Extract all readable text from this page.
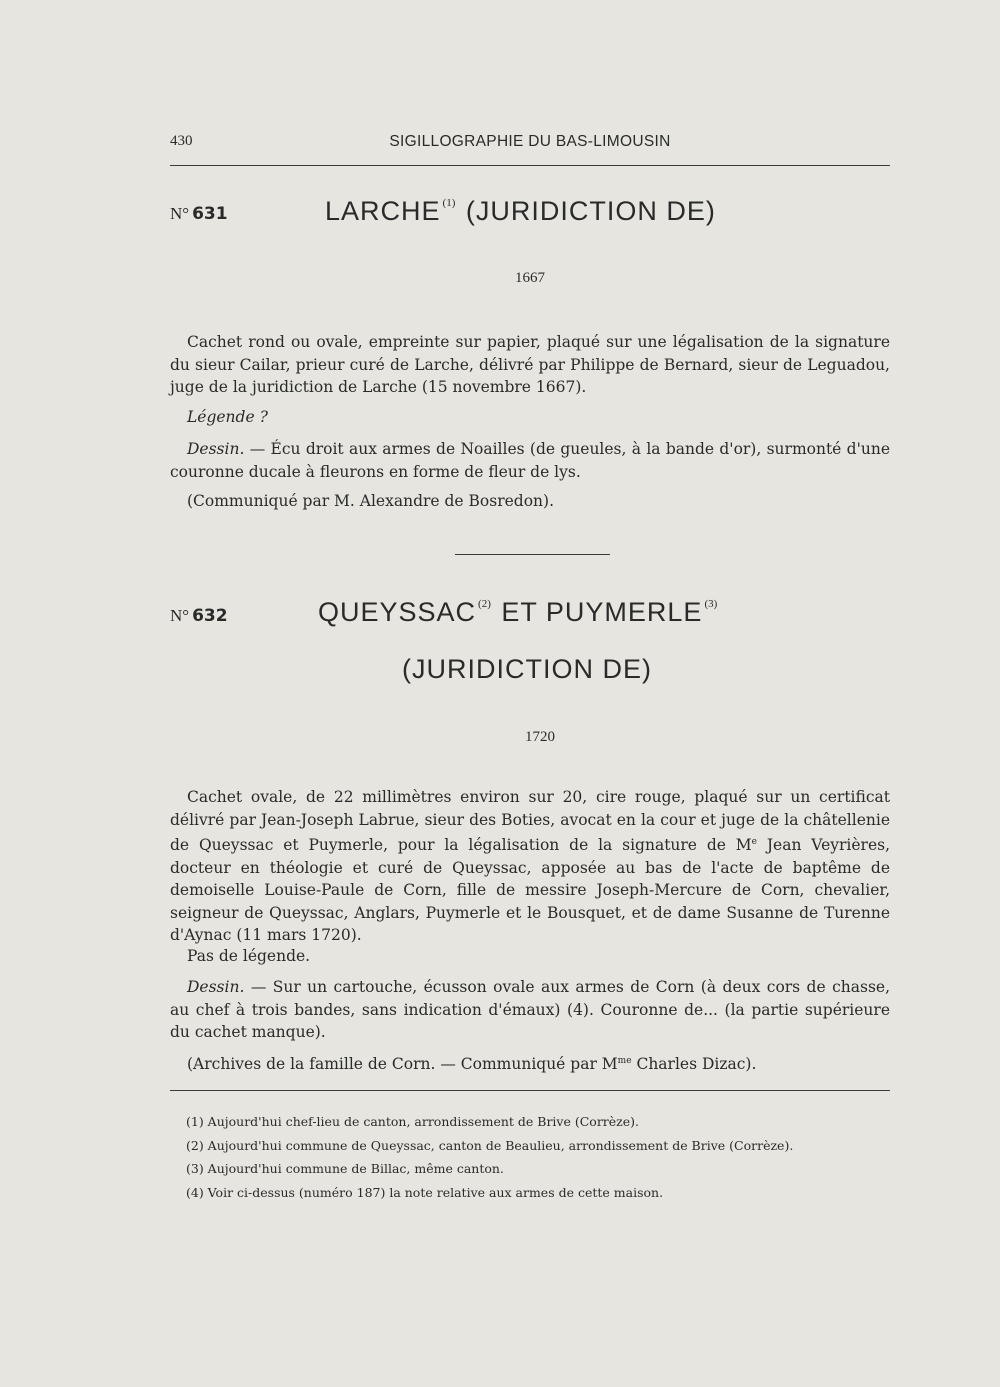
430	SIGILLOGRAPHIE DU BAS-LIMOUSIN
N° 631	LARCHE $^{(1)}$ (JURIDICTION DE)
1667
Cachet rond ou ovale, empreinte sur papier, plaqué sur une légalisation de la signature du sieur Cailar, prieur curé de Larche, délivré par Philippe de Bernard, sieur de Leguadou, juge de la juridiction de Larche (15 novembre 1667).
Légende ?
Dessin. — Écu droit aux armes de Noailles (de gueules, à la bande d'or), surmonté d'une couronne ducale à fleurons en forme de fleur de lys.
(Communiqué par M. Alexandre de Bosredon).
N° 632	QUEYSSAC $^{(2)}$ ET PUYMERLE $^{(3)}$
(JURIDICTION DE)
1720
Cachet ovale, de 22 millimètres environ sur 20, cire rouge, plaqué sur un certificat délivré par Jean-Joseph Labrue, sieur des Boties, avocat en la cour et juge de la châtellenie de Queyssac et Puymerle, pour la légalisation de la signature de Me Jean Veyrières, docteur en théologie et curé de Queyssac, apposée au bas de l'acte de baptême de demoiselle Louise-Paule de Corn, fille de messire Joseph-Mercure de Corn, chevalier, seigneur de Queyssac, Anglars, Puymerle et le Bousquet, et de dame Susanne de Turenne d'Aynac (11 mars 1720).
Pas de légende.
Dessin. — Sur un cartouche, écusson ovale aux armes de Corn (à deux cors de chasse, au chef à trois bandes, sans indication d'émaux) (4). Couronne de... (la partie supérieure du cachet manque).
(Archives de la famille de Corn. — Communiqué par $M^{me}$ Charles Dizac).
(1) Aujourd'hui chef-lieu de canton, arrondissement de Brive (Corrèze).
(2) Aujourd'hui commune de Queyssac, canton de Beaulieu, arrondissement de Brive (Corrèze).
(3) Aujourd'hui commune de Billac, même canton.
(4) Voir ci-dessus (numéro 187) la note relative aux armes de cette maison.
